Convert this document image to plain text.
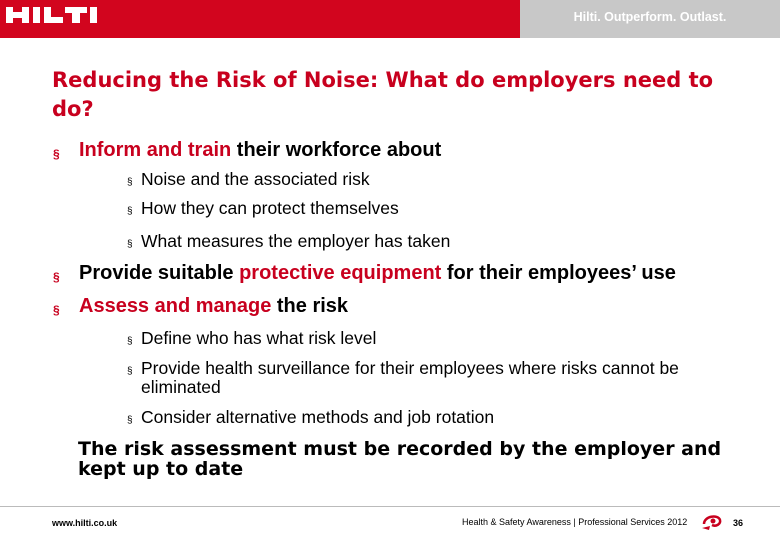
Hilti. Outperform. Outlast.
Reducing the Risk of Noise: What do employers need to do?
§ Inform and train their workforce about
§ Noise and the associated risk
§ How they can protect themselves
§ What measures the employer has taken
§ Provide suitable protective equipment for their employees’ use
§ Assess and manage the risk
§ Define who has what risk level
§ Provide health surveillance for their employees where risks cannot be eliminated
§ Consider alternative methods and job rotation
The risk assessment must be recorded by the employer and kept up to date
www.hilti.co.uk	Health & Safety Awareness | Professional Services 2012	36
